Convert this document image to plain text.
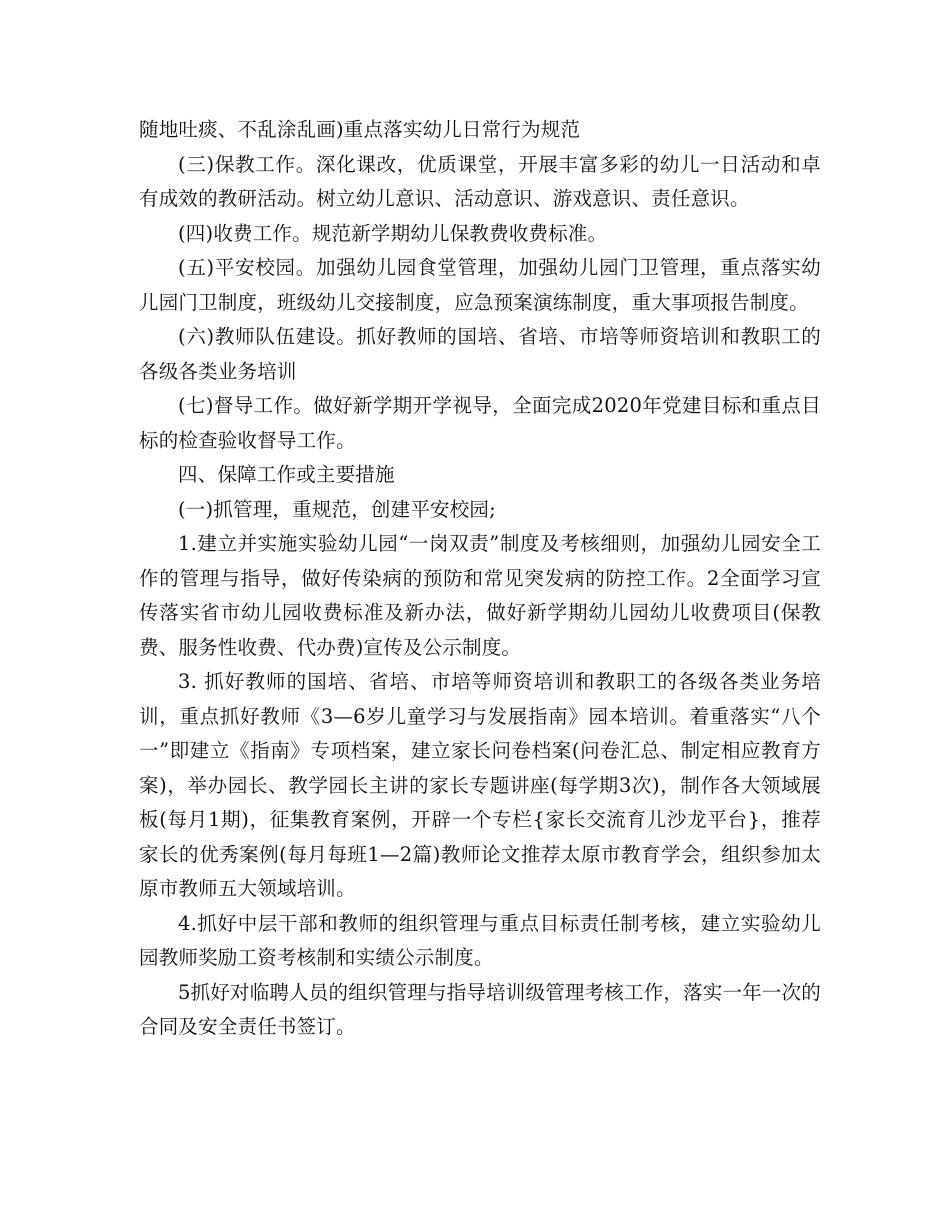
随地吐痰、不乱涂乱画)重点落实幼儿日常行为规范

(三)保教工作。深化课改，优质课堂，开展丰富多彩的幼儿一日活动和卓有成效的教研活动。树立幼儿意识、活动意识、游戏意识、责任意识。

(四)收费工作。规范新学期幼儿保教费收费标准。

(五)平安校园。加强幼儿园食堂管理，加强幼儿园门卫管理，重点落实幼儿园门卫制度，班级幼儿交接制度，应急预案演练制度，重大事项报告制度。

(六)教师队伍建设。抓好教师的国培、省培、市培等师资培训和教职工的各级各类业务培训

(七)督导工作。做好新学期开学视导，全面完成2020年党建目标和重点目标的检查验收督导工作。

四、保障工作或主要措施

(一)抓管理，重规范，创建平安校园;

1.建立并实施实验幼儿园“一岗双责”制度及考核细则，加强幼儿园安全工作的管理与指导，做好传染病的预防和常见突发病的防控工作。2全面学习宣传落实省市幼儿园收费标准及新办法，做好新学期幼儿园幼儿收费项目(保教费、服务性收费、代办费)宣传及公示制度。

3. 抓好教师的国培、省培、市培等师资培训和教职工的各级各类业务培训，重点抓好教师《3—6岁儿童学习与发展指南》园本培训。着重落实“八个一”即建立《指南》专项档案，建立家长问卷档案(问卷汇总、制定相应教育方案)，举办园长、教学园长主讲的家长专题讲座(每学期3次)，制作各大领域展板(每月1期)，征集教育案例，开辟一个专栏{家长交流育儿沙龙平台}，推荐家长的优秀案例(每月每班1—2篇)教师论文推荐太原市教育学会，组织参加太原市教师五大领域培训。

4.抓好中层干部和教师的组织管理与重点目标责任制考核，建立实验幼儿园教师奖励工资考核制和实绩公示制度。

5抓好对临聘人员的组织管理与指导培训级管理考核工作，落实一年一次的合同及安全责任书签订。
